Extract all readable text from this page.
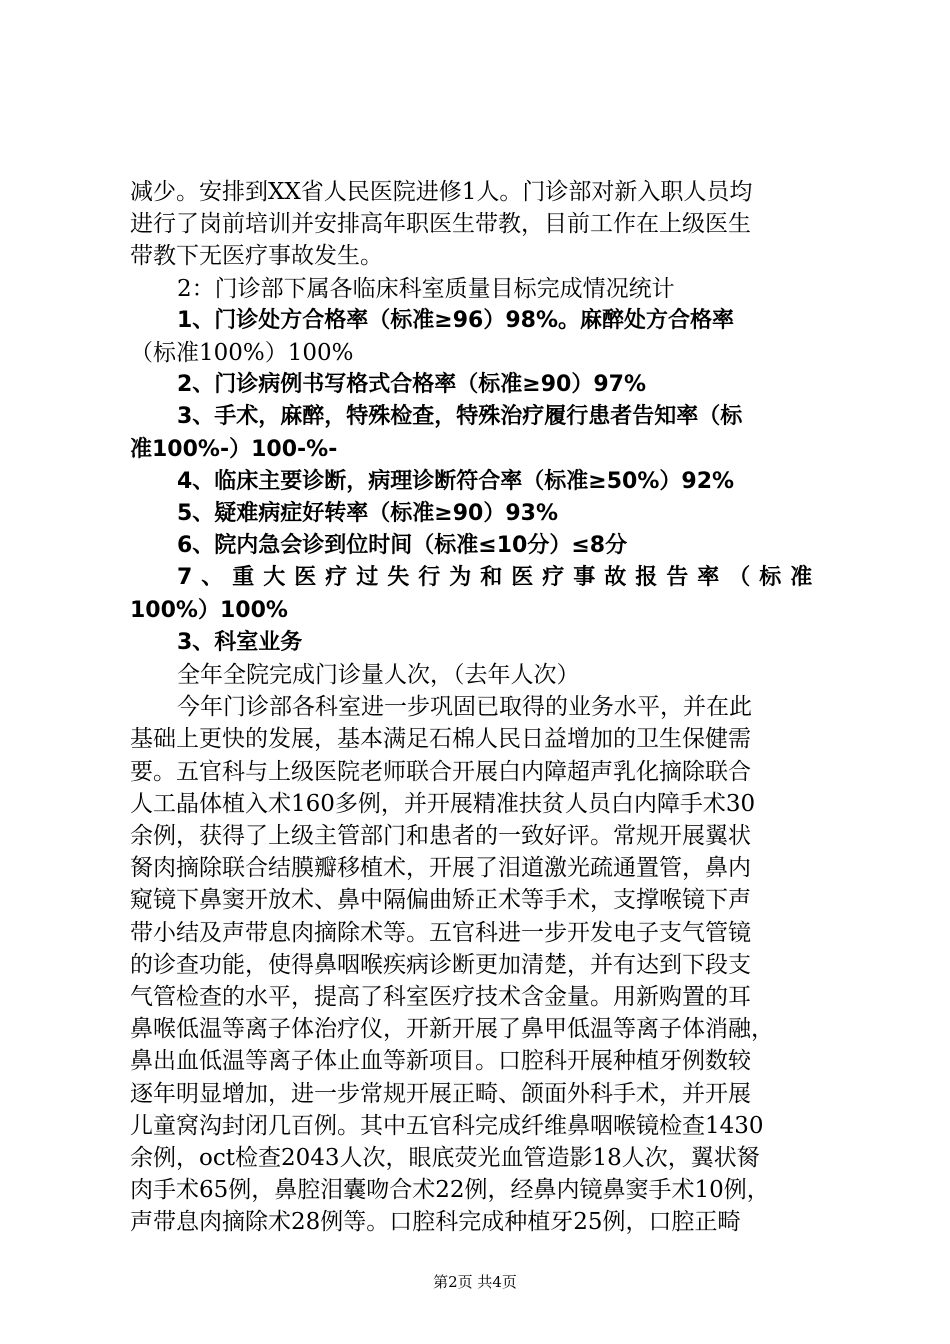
减少。安排到XX省人民医院进修1人。门诊部对新入职人员均
进行了岗前培训并安排高年职医生带教，目前工作在上级医生
带教下无医疗事故发生。
2：门诊部下属各临床科室质量目标完成情况统计
1、门诊处方合格率（标准≥96）98%。麻醉处方合格率
（标准100%）100%
2、门诊病例书写格式合格率（标准≥90）97%
3、手术，麻醉，特殊检查，特殊治疗履行患者告知率（标
准100%-）100-%-
4、临床主要诊断，病理诊断符合率（标准≥50%）92%
5、疑难病症好转率（标准≥90）93%
6、院内急会诊到位时间（标准≤10分）≤8分
7、重大医疗过失行为和医疗事故报告率（标准
100%）100%
3、科室业务
全年全院完成门诊量人次，（去年人次）
今年门诊部各科室进一步巩固已取得的业务水平，并在此
基础上更快的发展，基本满足石棉人民日益增加的卫生保健需
要。五官科与上级医院老师联合开展白内障超声乳化摘除联合
人工晶体植入术160多例，并开展精准扶贫人员白内障手术30
余例，获得了上级主管部门和患者的一致好评。常规开展翼状
胬肉摘除联合结膜瓣移植术，开展了泪道激光疏通置管，鼻内
窥镜下鼻窦开放术、鼻中隔偏曲矫正术等手术，支撑喉镜下声
带小结及声带息肉摘除术等。五官科进一步开发电子支气管镜
的诊查功能，使得鼻咽喉疾病诊断更加清楚，并有达到下段支
气管检查的水平，提高了科室医疗技术含金量。用新购置的耳
鼻喉低温等离子体治疗仪，开新开展了鼻甲低温等离子体消融，
鼻出血低温等离子体止血等新项目。口腔科开展种植牙例数较
逐年明显增加，进一步常规开展正畸、颌面外科手术，并开展
儿童窝沟封闭几百例。其中五官科完成纤维鼻咽喉镜检查1430
余例，oct检查2043人次，眼底荧光血管造影18人次，翼状胬
肉手术65例，鼻腔泪囊吻合术22例，经鼻内镜鼻窦手术10例，
声带息肉摘除术28例等。口腔科完成种植牙25例，口腔正畸
第2页 共4页
